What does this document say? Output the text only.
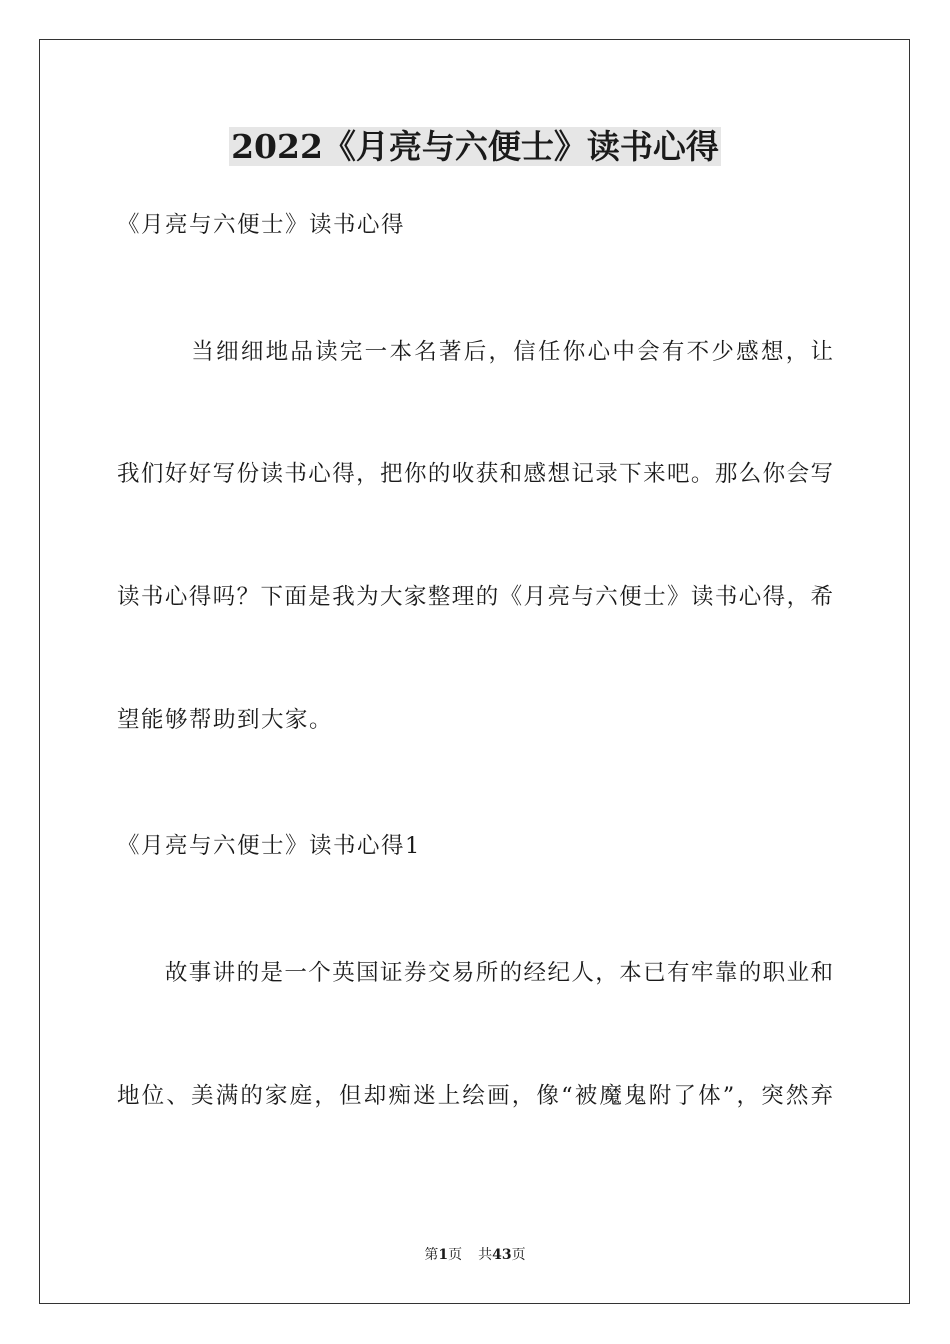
2022《月亮与六便士》读书心得
《月亮与六便士》读书心得
　　　当细细地品读完一本名著后，信任你心中会有不少感想，让
我们好好写份读书心得，把你的收获和感想记录下来吧。那么你会写
读书心得吗？下面是我为大家整理的《月亮与六便士》读书心得，希
望能够帮助到大家。
《月亮与六便士》读书心得1
　　故事讲的是一个英国证券交易所的经纪人，本已有牢靠的职业和
地位、美满的家庭，但却痴迷上绘画，像“被魔鬼附了体”，突然弃
第1页 共43页
